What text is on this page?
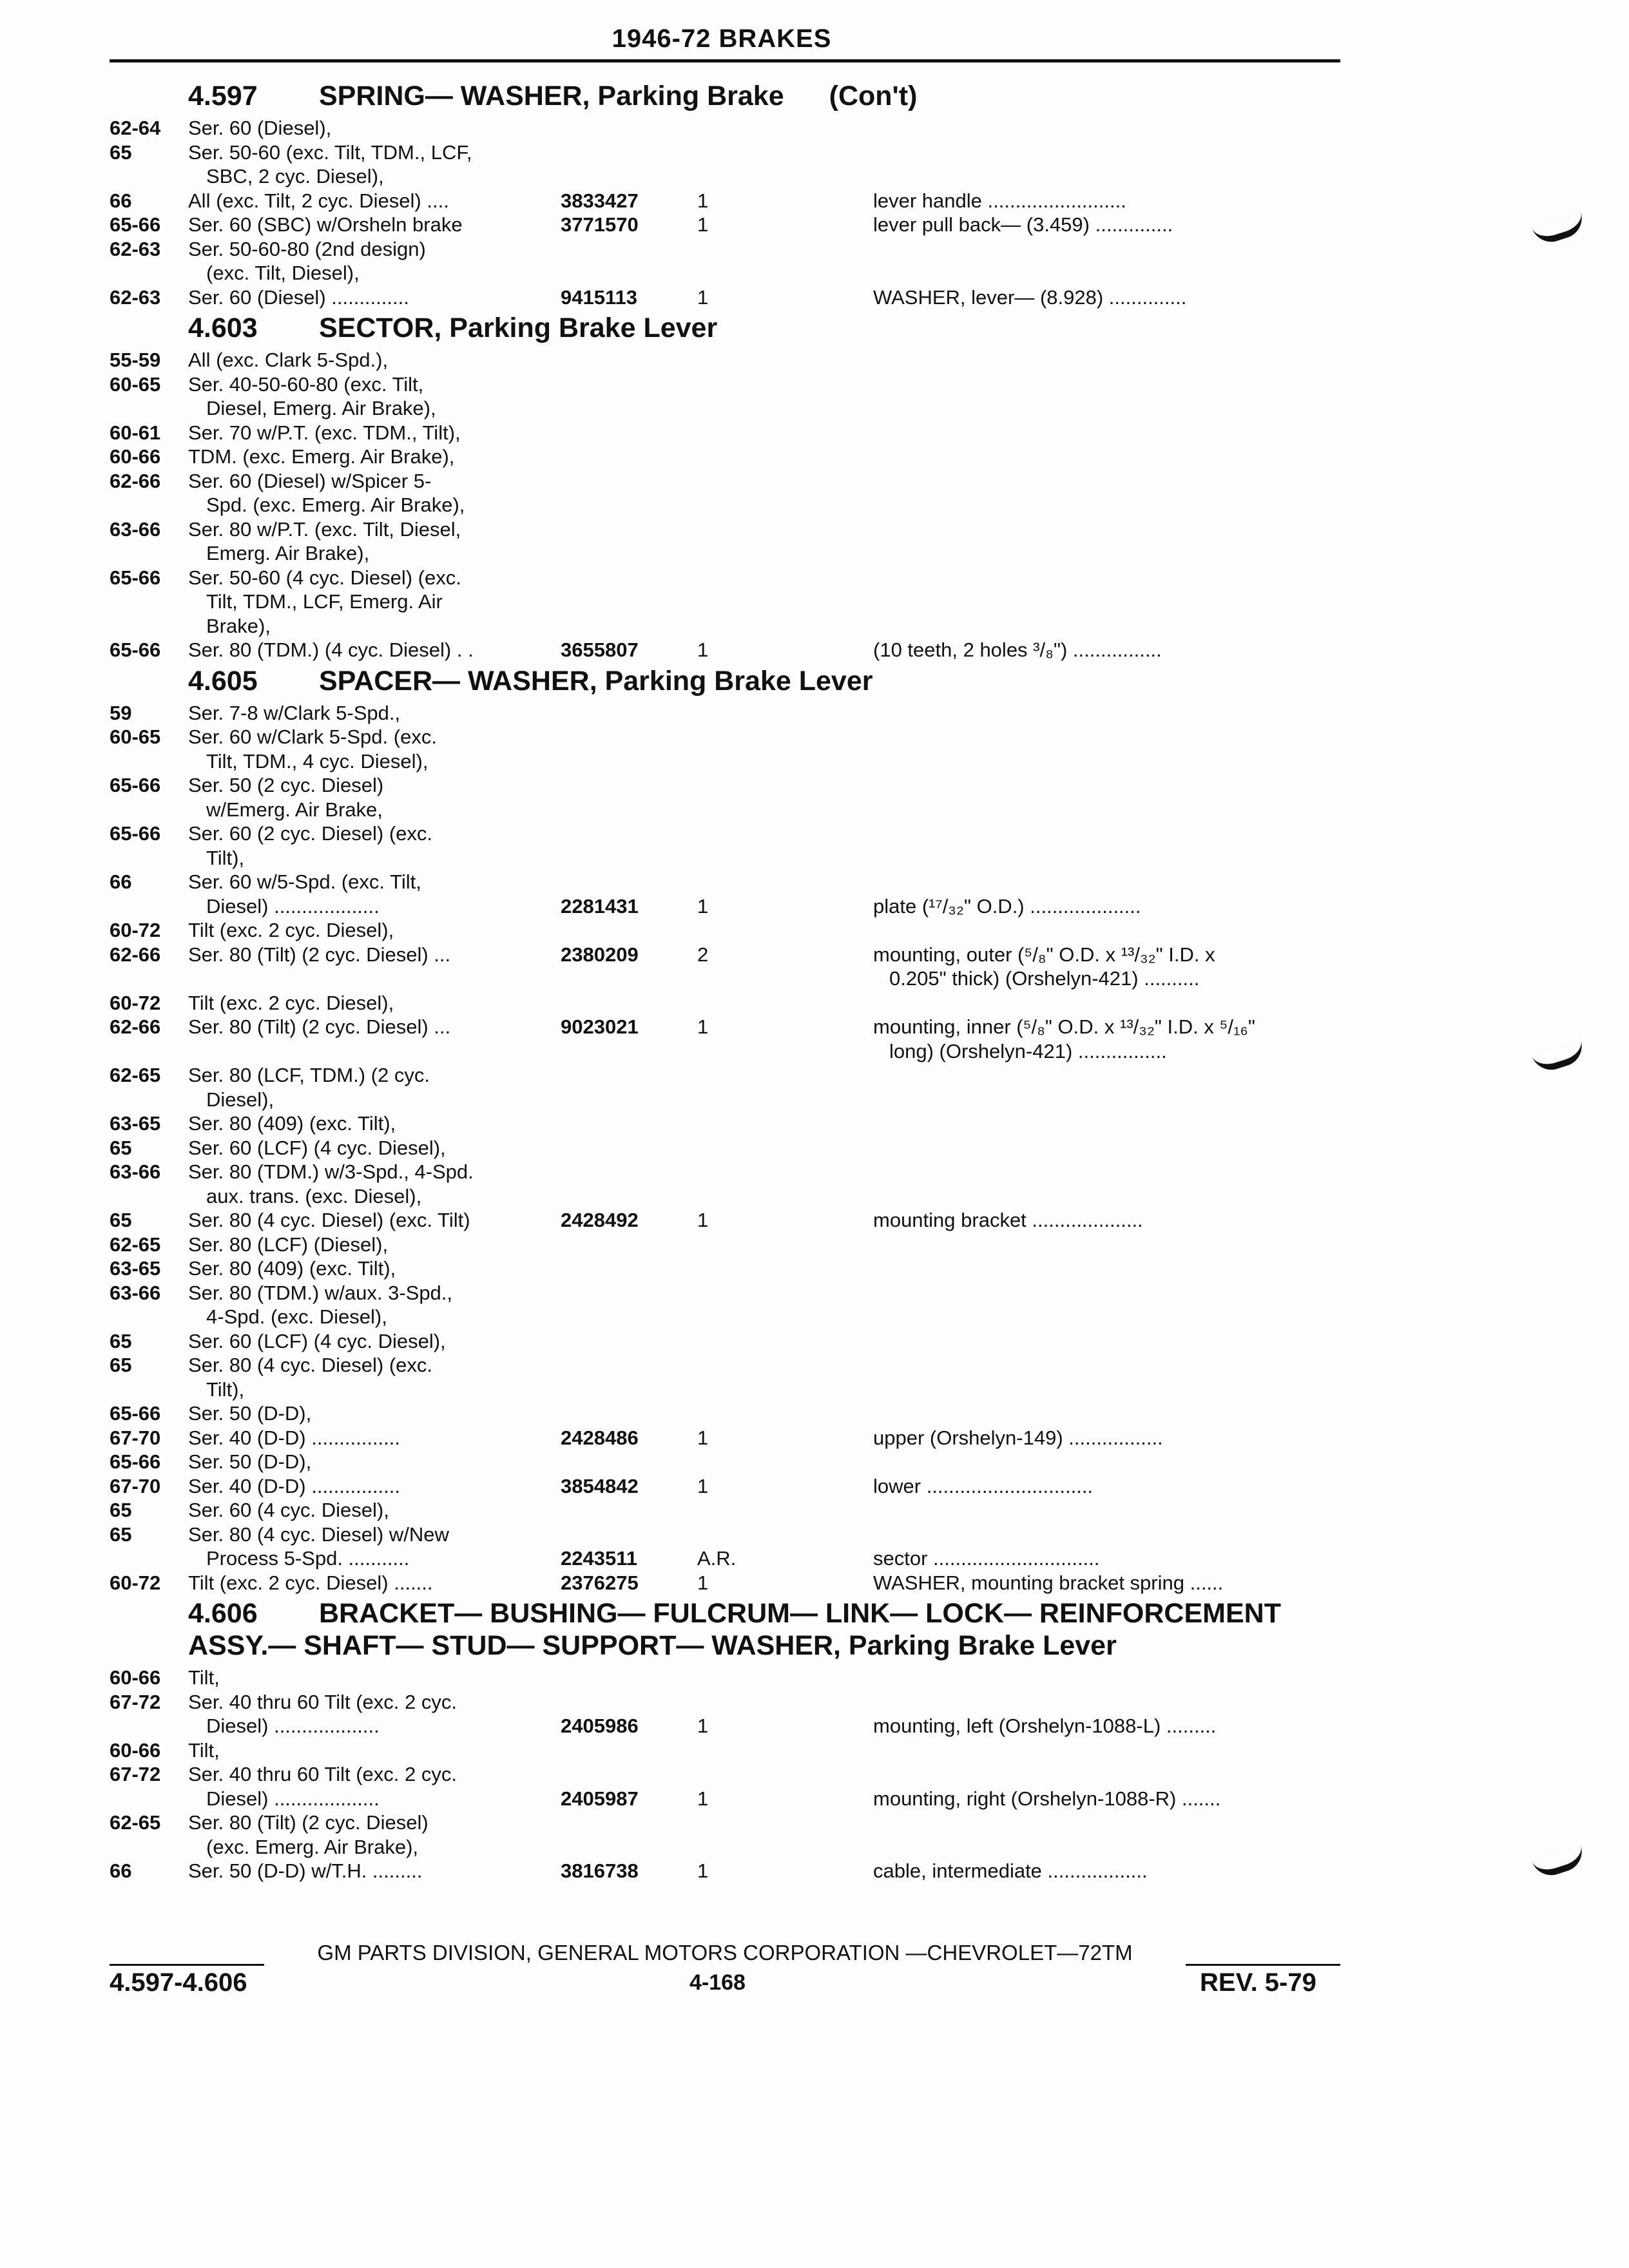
1946-72 BRAKES
4.597 SPRING— WASHER, Parking Brake (Con't)
62-64 Ser. 60 (Diesel),
65	Ser. 50-60 (exc. Tilt, TDM., LCF,
SBC, 2 cyc. Diesel),
66	All (exc. Tilt, 2 cyc. Diesel) ....	3833427	1	lever handle .........................
65-66 Ser. 60 (SBC) w/Orsheln brake	3771570	1	lever pull back— (3.459) ..............
62-63 Ser. 50-60-80 (2nd design)
(exc. Tilt, Diesel),
62-63 Ser. 60 (Diesel) ..............	9415113	1	WASHER, lever— (8.928) ..............
4.603 SECTOR, Parking Brake Lever
55-59 All (exc. Clark 5-Spd.),
60-65 Ser. 40-50-60-80 (exc. Tilt,
Diesel, Emerg. Air Brake),
60-61 Ser. 70 w/P.T. (exc. TDM., Tilt),
60-66 TDM. (exc. Emerg. Air Brake),
62-66 Ser. 60 (Diesel) w/Spicer 5-
Spd. (exc. Emerg. Air Brake),
63-66 Ser. 80 w/P.T. (exc. Tilt, Diesel,
Emerg. Air Brake),
65-66 Ser. 50-60 (4 cyc. Diesel) (exc.
Tilt, TDM., LCF, Emerg. Air
Brake),
65-66 Ser. 80 (TDM.) (4 cyc. Diesel) . .	3655807	1	(10 teeth, 2 holes ³/₈") ................
4.605 SPACER— WASHER, Parking Brake Lever
59	Ser. 7-8 w/Clark 5-Spd.,
60-65 Ser. 60 w/Clark 5-Spd. (exc.
Tilt, TDM., 4 cyc. Diesel),
65-66 Ser. 50 (2 cyc. Diesel)
w/Emerg. Air Brake,
65-66 Ser. 60 (2 cyc. Diesel) (exc.
Tilt),
66	Ser. 60 w/5-Spd. (exc. Tilt,
Diesel) ...................	2281431	1	plate (¹⁷/₃₂" O.D.) ....................
60-72 Tilt (exc. 2 cyc. Diesel),
62-66 Ser. 80 (Tilt) (2 cyc. Diesel) ...	2380209	2	mounting, outer (⁵/₈" O.D. x ¹³/₃₂" I.D. x
0.205" thick) (Orshelyn-421) ..........
60-72 Tilt (exc. 2 cyc. Diesel),
62-66 Ser. 80 (Tilt) (2 cyc. Diesel) ...	9023021	1	mounting, inner (⁵/₈" O.D. x ¹³/₃₂" I.D. x ⁵/₁₆"
long) (Orshelyn-421) ................
62-65 Ser. 80 (LCF, TDM.) (2 cyc.
Diesel),
63-65 Ser. 80 (409) (exc. Tilt),
65	Ser. 60 (LCF) (4 cyc. Diesel),
63-66 Ser. 80 (TDM.) w/3-Spd., 4-Spd.
aux. trans. (exc. Diesel),
65	Ser. 80 (4 cyc. Diesel) (exc. Tilt)	2428492	1	mounting bracket ....................
62-65 Ser. 80 (LCF) (Diesel),
63-65 Ser. 80 (409) (exc. Tilt),
63-66 Ser. 80 (TDM.) w/aux. 3-Spd.,
4-Spd. (exc. Diesel),
65	Ser. 60 (LCF) (4 cyc. Diesel),
65	Ser. 80 (4 cyc. Diesel) (exc.
Tilt),
65-66 Ser. 50 (D-D),
67-70 Ser. 40 (D-D) ................	2428486	1	upper (Orshelyn-149) .................
65-66 Ser. 50 (D-D),
67-70 Ser. 40 (D-D) ................	3854842	1	lower ..............................
65	Ser. 60 (4 cyc. Diesel),
65	Ser. 80 (4 cyc. Diesel) w/New
Process 5-Spd. ...........	2243511	A.R.	sector ..............................
60-72 Tilt (exc. 2 cyc. Diesel) .......	2376275	1	WASHER, mounting bracket spring ......
4.606 BRACKET— BUSHING— FULCRUM— LINK— LOCK— REINFORCEMENT
ASSY.— SHAFT— STUD— SUPPORT— WASHER, Parking Brake Lever
60-66 Tilt,
67-72 Ser. 40 thru 60 Tilt (exc. 2 cyc.
Diesel) ...................	2405986	1	mounting, left (Orshelyn-1088-L) .........
60-66 Tilt,
67-72 Ser. 40 thru 60 Tilt (exc. 2 cyc.
Diesel) ...................	2405987	1	mounting, right (Orshelyn-1088-R) .......
62-65 Ser. 80 (Tilt) (2 cyc. Diesel)
(exc. Emerg. Air Brake),
66	Ser. 50 (D-D) w/T.H. .........	3816738	1	cable, intermediate ..................
GM PARTS DIVISION, GENERAL MOTORS CORPORATION —CHEVROLET—72TM
4.597-4.606	4-168	REV. 5-79
